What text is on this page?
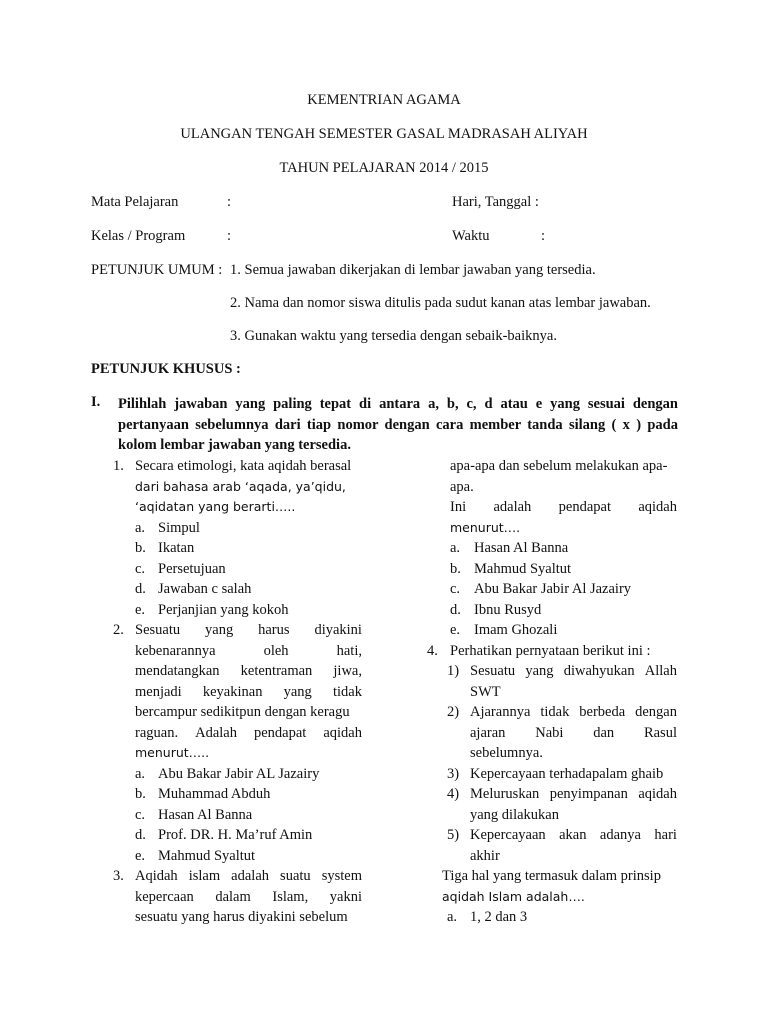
KEMENTRIAN AGAMA
ULANGAN TENGAH SEMESTER GASAL MADRASAH ALIYAH
TAHUN PELAJARAN 2014 / 2015
Mata Pelajaran	:	Hari, Tanggal :
Kelas / Program	:	Waktu	:
PETUNJUK UMUM : 1. Semua jawaban dikerjakan di lembar jawaban yang tersedia.
2. Nama dan nomor siswa ditulis pada sudut kanan atas lembar jawaban.
3. Gunakan waktu yang tersedia dengan sebaik-baiknya.
PETUNJUK KHUSUS :
I. Pilihlah jawaban yang paling tepat di antara a, b, c, d atau e yang sesuai dengan pertanyaan sebelumnya dari tiap nomor dengan cara member tanda silang ( x ) pada kolom lembar jawaban yang tersedia.
1. Secara etimologi, kata aqidah berasal
dari bahasa arab ‘aqada, ya’qidu,
‘aqidatan yang berarti…..
a. Simpul
b. Ikatan
c. Persetujuan
d. Jawaban c salah
e. Perjanjian yang kokoh
2. Sesuatu yang harus diyakini
kebenarannya	oleh	hati,
mendatangkan ketentraman jiwa,
menjadi keyakinan yang tidak
bercampur sedikitpun dengan keragu
raguan. Adalah pendapat aqidah
menurut…..
a. Abu Bakar Jabir AL Jazairy
b. Muhammad Abduh
c. Hasan Al Banna
d. Prof. DR. H. Ma’ruf Amin
e. Mahmud Syaltut
3. Aqidah islam adalah suatu system
kepercaan dalam Islam, yakni
sesuatu yang harus diyakini sebelum
apa-apa dan sebelum melakukan apa-
apa.
Ini adalah pendapat aqidah
menurut….
a. Hasan Al Banna
b. Mahmud Syaltut
c. Abu Bakar Jabir Al Jazairy
d. Ibnu Rusyd
e. Imam Ghozali
4. Perhatikan pernyataan berikut ini :
1) Sesuatu yang diwahyukan Allah
SWT
2) Ajarannya tidak berbeda dengan
ajaran Nabi dan Rasul
sebelumnya.
3) Kepercayaan terhadapalam ghaib
4) Meluruskan penyimpanan aqidah
yang dilakukan
5) Kepercayaan akan adanya hari
akhir
Tiga hal yang termasuk dalam prinsip
aqidah Islam adalah….
a. 1, 2 dan 3
